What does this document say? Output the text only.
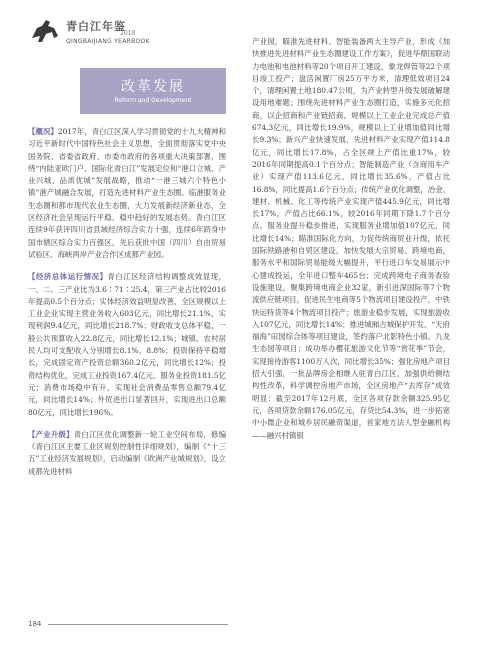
青白江年鉴
2018
QINGBAIJIANG YEARBOOK
改革发展
Reform and Development

【概况】2017年，青白江区深入学习贯彻党的十九大精神和习近平新时代中国特色社会主义思想，全面贯彻落实党中央国务院、省委省政府、市委市政府的各项重大决策部署，围绕“内陆亚欧门户、国际化青白江”发展定位和“港口立城、产业兴城、品质优城”发展战略，推动“一港三城六个特色小镇”港产城融合发展，打造先进材料产业生态圈、临港服务业生态圈和都市现代农业生态圈，大力发展新经济新业态，全区经济社会呈现运行平稳、稳中趋好的发展态势。青白江区连续9年获评四川省县域经济综合实力十强，连续6年跻身中国市辖区综合实力百强区，先后获批中国（四川）自由贸易试验区、海峡两岸产业合作区成都产业园。

【经济总体运行情况】青白江区经济结构调整成效显现，一、二、三产业比为3.6∶71∶25.4，第三产业占比较2016年提高0.5个百分点；实体经济效益明显改善，全区规模以上工业企业实现主营业务收入603亿元，同比增长21.1%，实现利润9.4亿元，同比增长218.7%；财政收支总体平稳，一般公共预算收入22.8亿元，同比增长12.1%；城镇、农村居民人均可支配收入分别增长8.1%、8.8%；投资保持平稳增长，完成固定资产投资总额360.2亿元，同比增长12%；投资结构优化，完成工业投资167.4亿元、服务业投资181.5亿元；消费市场稳中有升，实现社会消费品零售总额79.4亿元，同比增长14%；外贸进出口显著回升，实现进出口总额80亿元，同比增长196%。

【产业升级】青白江区优化调整新一轮工业空间布局，修编《青白江区主要工业区规划控制性详细规划》，编制《“十三五”工业经济发展规划》，启动编制《欧洲产业城规划》，设立成都先进材料

产业园，瞄准先进材料、智能装备两大主导产业，形成《加快推进先进材料产业生态圈建设工作方案》，促进华鼎国联动力电池和电池材料等20个项目开工建设，象龙焊管等22个项目竣工投产；盘活闲置厂房25万平方米，清理低效项目24个，清理闲置土地180.47公顷，为产业转型升级发展破解建设用地难题；围绕先进材料产业生态圈打造，实施多元化招商，以企招商和产业链招商。规模以上工业企业完成总产值674.3亿元，同比增长19.9%，规模以上工业增加值同比增长9.3%；新兴产业快速发展，先进材料产业实现产值114.8亿元，同比增长17.8%，占全区规上产值比重17%，较2016年同期提高0.1个百分点；智能制造产业（含商用车产业）实现产值113.6亿元，同比增长35.6%，产值占比16.8%，同比提高1.6个百分点；传统产业优化调整，冶金、建材、机械、化工等传统产业实现产值445.9亿元，同比增长17%，产值占比66.1%，较2016年同期下降1.7个百分点。服务业提升稳步推进，实现服务业增加值107亿元，同比增长14%；瞄准国际化方向，力促传统商贸业升级，依托国际铁路港和自贸区建设，加快发展大宗贸易、跨境电商，服务水平和国际贸易能级大幅提升，平行进口车交易展示中心建成投运，全年进口整车465台；完成跨境电子商务查验设施建设，聚集跨境电商企业32家，新引进深国际等7个物流供应链项目，促进民生电商等5个物流项目建设投产，中铁快运特货等4个物流项目投产；旅游业稳步发展，实现旅游收入107亿元，同比增长14%；推进城厢古城保护开发、“天府福海”田园综合体等项目建设，签约落户北影特色小镇、九龙生态园等项目；成功举办樱花旅游文化节等“赏花季”节会，实现接待游客1100万人次，同比增长35%；强化房地产项目招大引强，一批品牌房企相继入驻青白江区，加强供给侧结构性改革，科学调控房地产市场，全区房地产“去库存”成效明显：截至2017年12月底，全区各项存款余额325.95亿元，各项贷款余额176.05亿元，存贷比54.3%，进一步拓宽中小微企业和城乡居民融资渠道，首家地方法人型金融机构——融兴村镇银

184
